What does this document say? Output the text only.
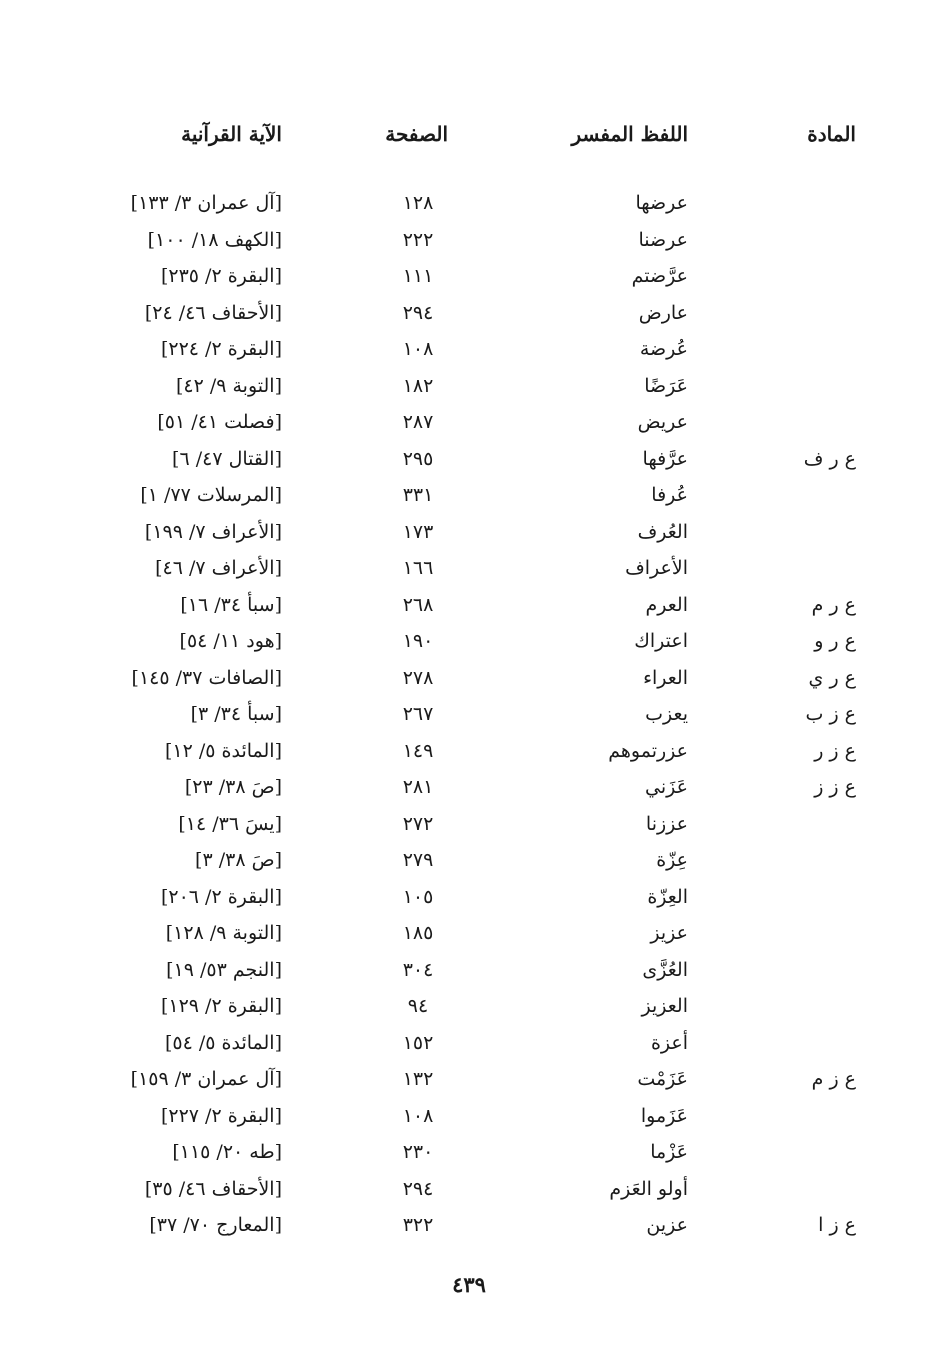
المادة
اللفظ المفسر
الصفحة
الآية القرآنية
عرضها
١٢٨
[آل عمران ٣/ ١٣٣]
عرضنا
٢٢٢
[الكهف ١٨/ ١٠٠]
عرَّضتم
١١١
[البقرة ٢/ ٢٣٥]
عارض
٢٩٤
[الأحقاف ٤٦/ ٢٤]
عُرضة
١٠٨
[البقرة ٢/ ٢٢٤]
عَرَضًا
١٨٢
[التوبة ٩/ ٤٢]
عريض
٢٨٧
[فصلت ٤١/ ٥١]
ع ر ف
عرَّفها
٢٩٥
[القتال ٤٧/ ٦]
عُرفا
٣٣١
[المرسلات ٧٧/ ١]
العُرف
١٧٣
[الأعراف ٧/ ١٩٩]
الأعراف
١٦٦
[الأعراف ٧/ ٤٦]
ع ر م
العرم
٢٦٨
[سبأ ٣٤/ ١٦]
ع ر و
اعتراك
١٩٠
[هود ١١/ ٥٤]
ع ر ي
العراء
٢٧٨
[الصافات ٣٧/ ١٤٥]
ع ز ب
يعزب
٢٦٧
[سبأ ٣٤/ ٣]
ع ز ر
عزرتموهم
١٤٩
[المائدة ٥/ ١٢]
ع ز ز
عَزَني
٢٨١
[صَ ٣٨/ ٢٣]
عززنا
٢٧٢
[يسَ ٣٦/ ١٤]
عِزّة
٢٧٩
[صَ ٣٨/ ٣]
العِزّة
١٠٥
[البقرة ٢/ ٢٠٦]
عزيز
١٨٥
[التوبة ٩/ ١٢٨]
العُزَّى
٣٠٤
[النجم ٥٣/ ١٩]
العزيز
٩٤
[البقرة ٢/ ١٢٩]
أعزة
١٥٢
[المائدة ٥/ ٥٤]
ع ز م
عَزَمْت
١٣٢
[آل عمران ٣/ ١٥٩]
عَزَموا
١٠٨
[البقرة ٢/ ٢٢٧]
عَزْما
٢٣٠
[طه ٢٠/ ١١٥]
أولو العَزم
٢٩٤
[الأحقاف ٤٦/ ٣٥]
ع ز ا
عزين
٣٢٢
[المعارج ٧٠/ ٣٧]
٤٣٩
